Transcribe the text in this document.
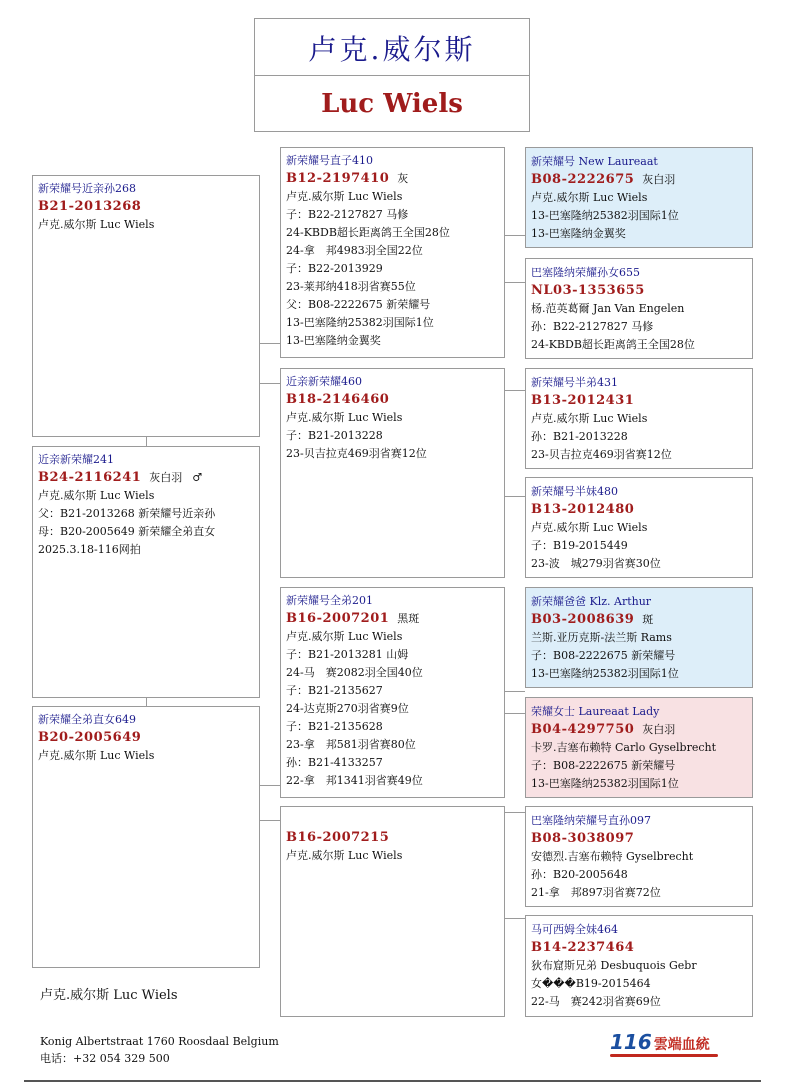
卢克.威尔斯
Luc Wiels
新荣耀号近亲孙268
B21-2013268
卢克.威尔斯 Luc Wiels
近亲新荣耀241
B24-2116241 灰白羽 ♂
卢克.威尔斯 Luc Wiels
父：B21-2013268 新荣耀号近亲孙
母：B20-2005649 新荣耀全弟直女
2025.3.18-116网拍
新荣耀全弟直女649
B20-2005649
卢克.威尔斯 Luc Wiels
新荣耀号直子410
B12-2197410 灰
卢克.威尔斯 Luc Wiels
子：B22-2127827 马修
24-KBDB超长距离鸽王全国28位
24-拿　邦4983羽全国22位
子：B22-2013929
23-莱邦纳418羽省赛55位
父：B08-2222675 新荣耀号
13-巴塞隆纳25382羽国际1位
13-巴塞隆纳金翼奖
近亲新荣耀460
B18-2146460
卢克.威尔斯 Luc Wiels
子：B21-2013228
23-贝吉拉克469羽省赛12位
新荣耀号全弟201
B16-2007201 黑斑
卢克.威尔斯 Luc Wiels
子：B21-2013281 山姆
24-马　赛2082羽全国40位
子：B21-2135627
24-达克斯270羽省赛9位
子：B21-2135628
23-拿　邦581羽省赛80位
孙：B21-4133257
22-拿　邦1341羽省赛49位
B16-2007215
卢克.威尔斯 Luc Wiels
新荣耀号 New Laureaat
B08-2222675 灰白羽
卢克.威尔斯 Luc Wiels
13-巴塞隆纳25382羽国际1位
13-巴塞隆纳金翼奖
巴塞隆纳荣耀孙女655
NL03-1353655
杨.范英葛爾 Jan Van Engelen
孙：B22-2127827 马修
24-KBDB超长距离鸽王全国28位
新荣耀号半弟431
B13-2012431
卢克.威尔斯 Luc Wiels
孙：B21-2013228
23-贝吉拉克469羽省赛12位
新荣耀号半妹480
B13-2012480
卢克.威尔斯 Luc Wiels
子：B19-2015449
23-波　城279羽省赛30位
新荣耀爸爸 Klz. Arthur
B03-2008639 斑
兰斯.亚历克斯-法兰斯 Rams
子：B08-2222675 新荣耀号
13-巴塞隆纳25382羽国际1位
荣耀女士 Laureaat Lady
B04-4297750 灰白羽
卡罗.吉塞布赖特 Carlo Gyselbrecht
子：B08-2222675 新荣耀号
13-巴塞隆纳25382羽国际1位
巴塞隆纳荣耀号直孙097
B08-3038097
安德烈.吉塞布赖特 Gyselbrecht
孙：B20-2005648
21-拿　邦897羽省赛72位
马可西姆全妹464
B14-2237464
狄布窟斯兄弟 Desbuquois Gebr
女���B19-2015464
22-马　赛242羽省赛69位
卢克.威尔斯 Luc Wiels
Konig Albertstraat 1760 Roosdaal Belgium
电话：+32 054 329 500
116 雲端血統
